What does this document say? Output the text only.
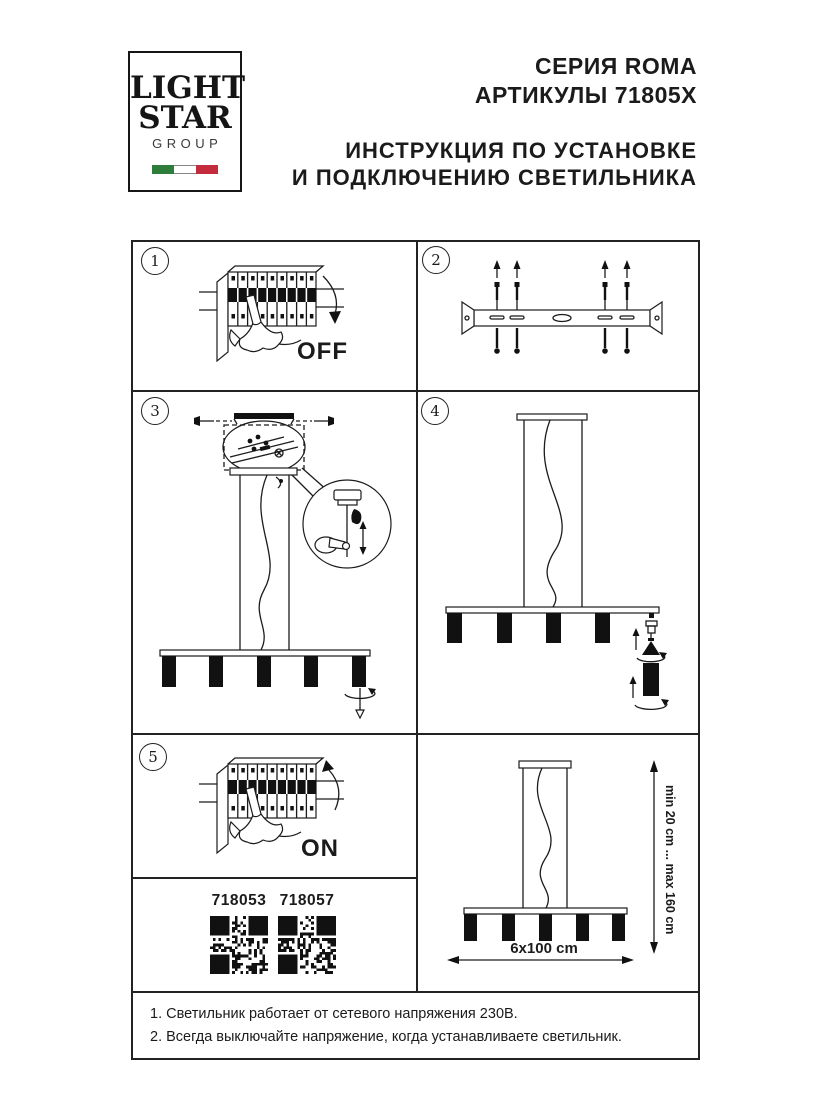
LIGHT
STAR
GROUP
СЕРИЯ ROMA
АРТИКУЛЫ 71805X
ИНСТРУКЦИЯ ПО УСТАНОВКЕ
И ПОДКЛЮЧЕНИЮ СВЕТИЛЬНИКА
1	2
3	4
5
OFF
ON
718053 718057	min 20 cm ... max 160 cm
6x100 cm
1. Светильник работает от сетевого напряжения 230В.
2. Всегда выключайте напряжение, когда устанавливаете светильник.
